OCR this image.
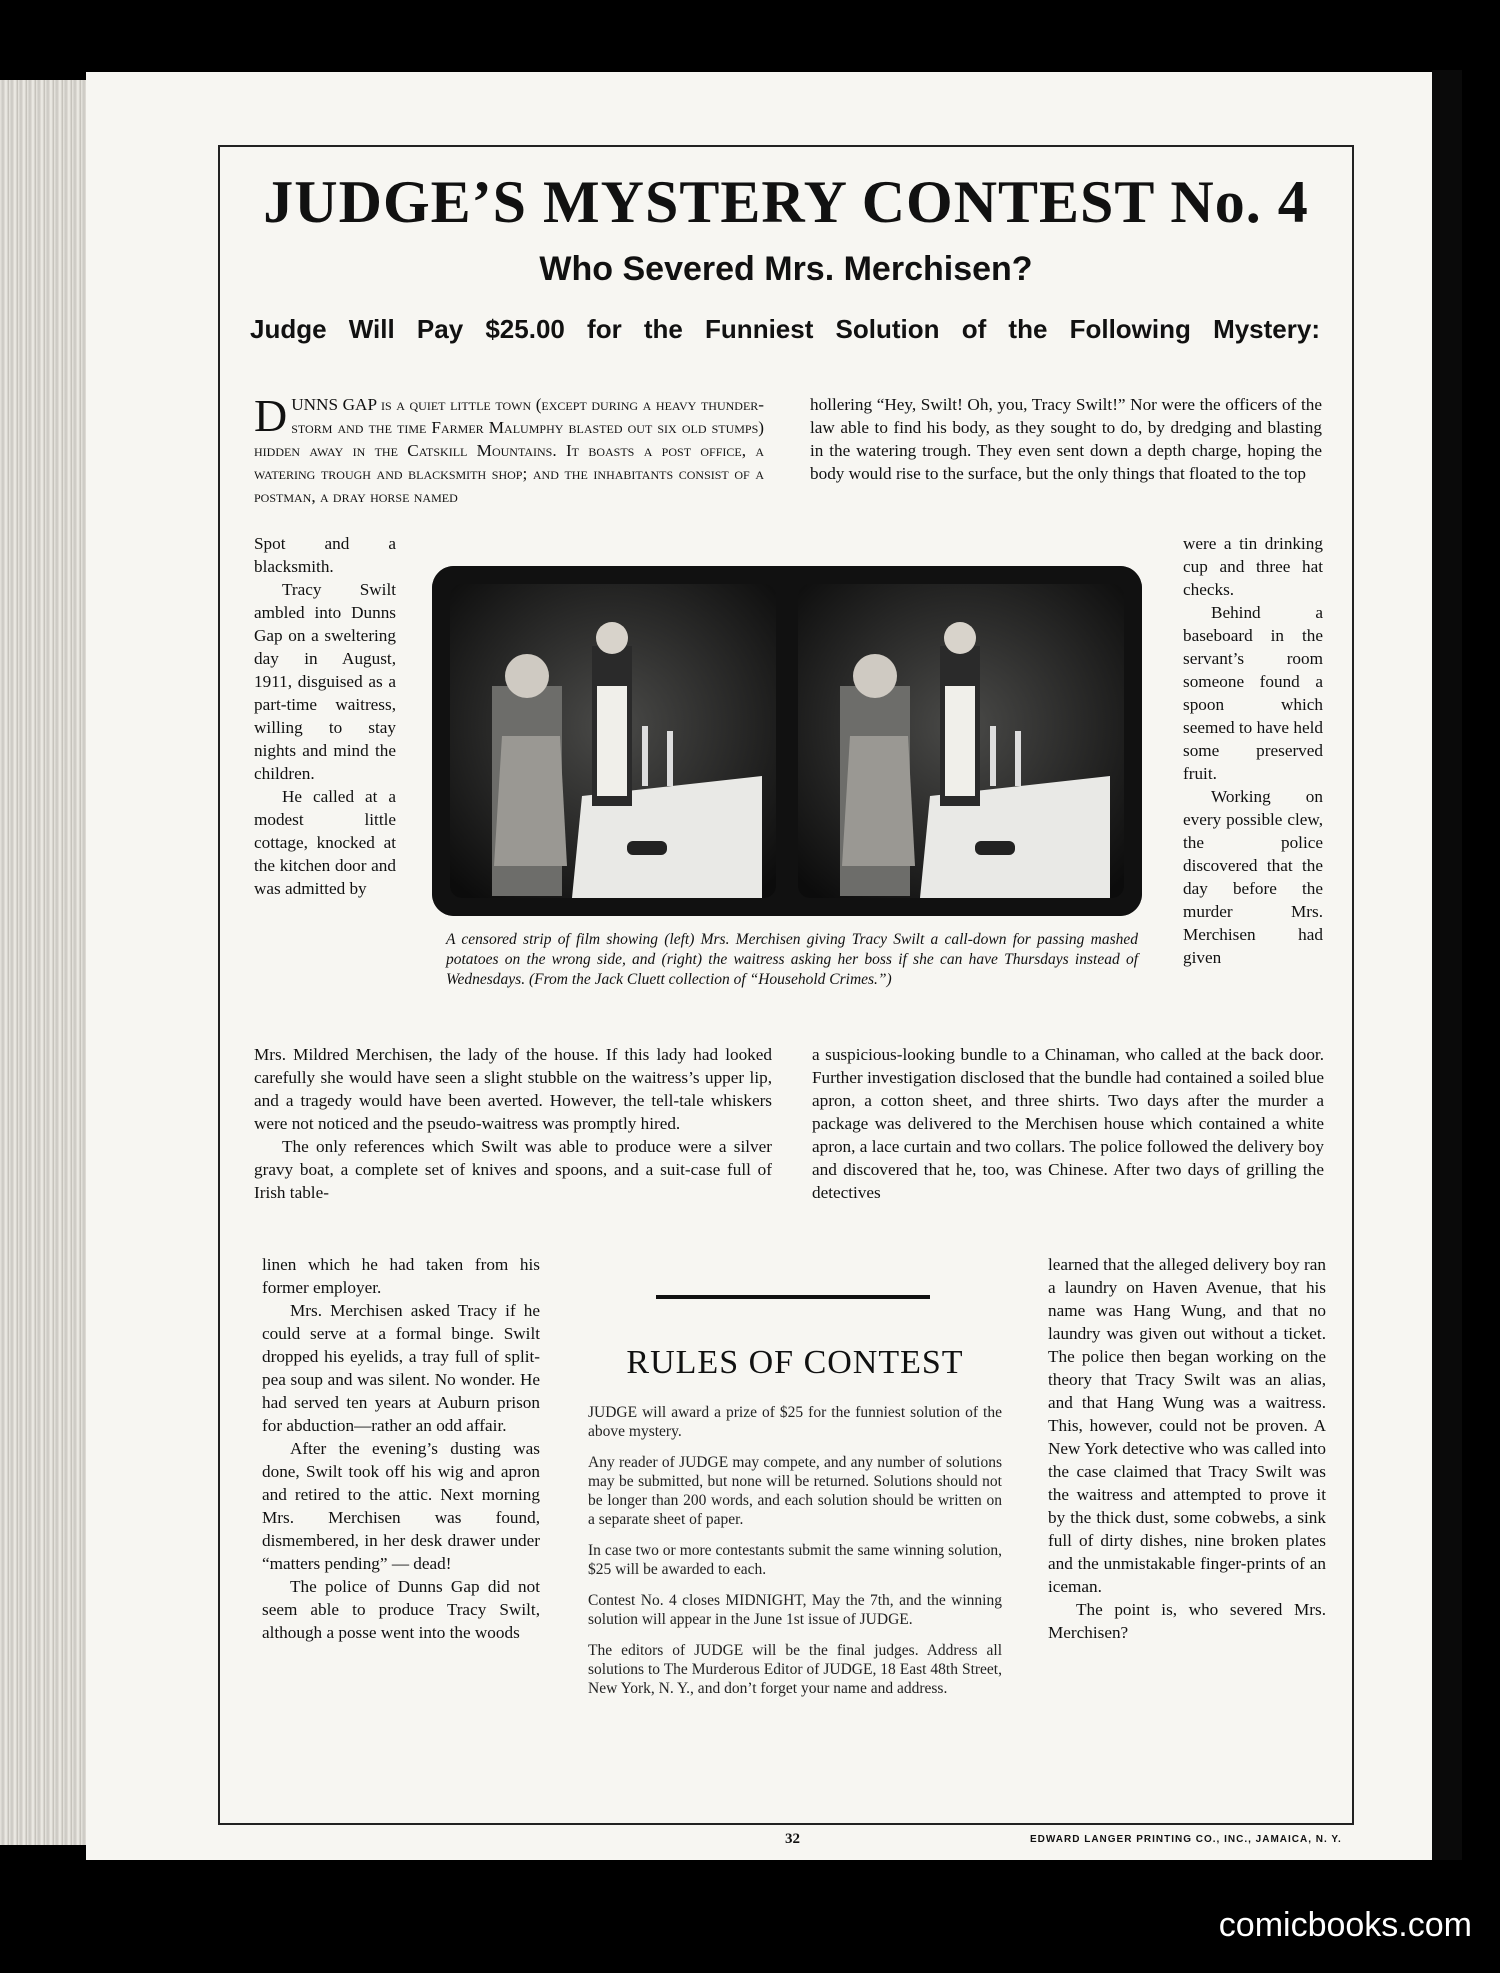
JUDGE’S MYSTERY CONTEST No. 4
Who Severed Mrs. Merchisen?
Judge Will Pay $25.00 for the Funniest Solution of the Following Mystery:
D UNNS GAP is a quiet little town (except during a heavy thunder-storm and the time Farmer Malumphy blasted out six old stumps) hidden away in the Catskill Mountains. It boasts a post office, a watering trough and blacksmith shop; and the inhabitants consist of a postman, a dray horse named

Spot and a blacksmith.

Tracy Swilt ambled into Dunns Gap on a sweltering day in August, 1911, disguised as a part-time waitress, willing to stay nights and mind the children.

He called at a modest little cottage, knocked at the kitchen door and was admitted by

Mrs. Mildred Merchisen, the lady of the house. If this lady had looked carefully she would have seen a slight stubble on the waitress’s upper lip, and a tragedy would have been averted. However, the tell-tale whiskers were not noticed and the pseudo-waitress was promptly hired.

The only references which Swilt was able to produce were a silver gravy boat, a complete set of knives and spoons, and a suit-case full of Irish table-

linen which he had taken from his former employer.

Mrs. Merchisen asked Tracy if he could serve at a formal binge. Swilt dropped his eyelids, a tray full of split-pea soup and was silent. No wonder. He had served ten years at Auburn prison for abduction—rather an odd affair.

After the evening’s dusting was done, Swilt took off his wig and apron and retired to the attic. Next morning Mrs. Merchisen was found, dismembered, in her desk drawer under “matters pending” — dead!

The police of Dunns Gap did not seem able to produce Tracy Swilt, although a posse went into the woods

hollering “Hey, Swilt! Oh, you, Tracy Swilt!” Nor were the officers of the law able to find his body, as they sought to do, by dredging and blasting in the watering trough. They even sent down a depth charge, hoping the body would rise to the surface, but the only things that floated to the top

were a tin drinking cup and three hat checks.

Behind a baseboard in the servant’s room someone found a spoon which seemed to have held some preserved fruit.

Working on every possible clew, the police discovered that the day before the murder Mrs. Merchisen had given

a suspicious-looking bundle to a Chinaman, who called at the back door. Further investigation disclosed that the bundle had contained a soiled blue apron, a cotton sheet, and three shirts. Two days after the murder a package was delivered to the Merchisen house which contained a white apron, a lace curtain and two collars. The police followed the delivery boy and discovered that he, too, was Chinese. After two days of grilling the detectives

learned that the alleged delivery boy ran a laundry on Haven Avenue, that his name was Hang Wung, and that no laundry was given out without a ticket. The police then began working on the theory that Tracy Swilt was an alias, and that Hang Wung was a waitress. This, however, could not be proven. A New York detective who was called into the case claimed that Tracy Swilt was the waitress and attempted to prove it by the thick dust, some cobwebs, a sink full of dirty dishes, nine broken plates and the unmistakable finger-prints of an iceman.

The point is, who severed Mrs. Merchisen?

A censored strip of film showing (left) Mrs. Merchisen giving Tracy Swilt a call-down for passing mashed potatoes on the wrong side, and (right) the waitress asking her boss if she can have Thursdays instead of Wednesdays. (From the Jack Cluett collection of “Household Crimes.”)
RULES OF CONTEST

JUDGE will award a prize of $25 for the funniest solution of the above mystery.

Any reader of JUDGE may compete, and any number of solutions may be submitted, but none will be returned. Solutions should not be longer than 200 words, and each solution should be written on a separate sheet of paper.

In case two or more contestants submit the same winning solution, $25 will be awarded to each.

Contest No. 4 closes MIDNIGHT, May the 7th, and the winning solution will appear in the June 1st issue of JUDGE.

The editors of JUDGE will be the final judges. Address all solutions to The Murderous Editor of JUDGE, 18 East 48th Street, New York, N. Y., and don’t forget your name and address.

32	EDWARD LANGER PRINTING CO., INC., JAMAICA, N. Y.
comicbooks.com
